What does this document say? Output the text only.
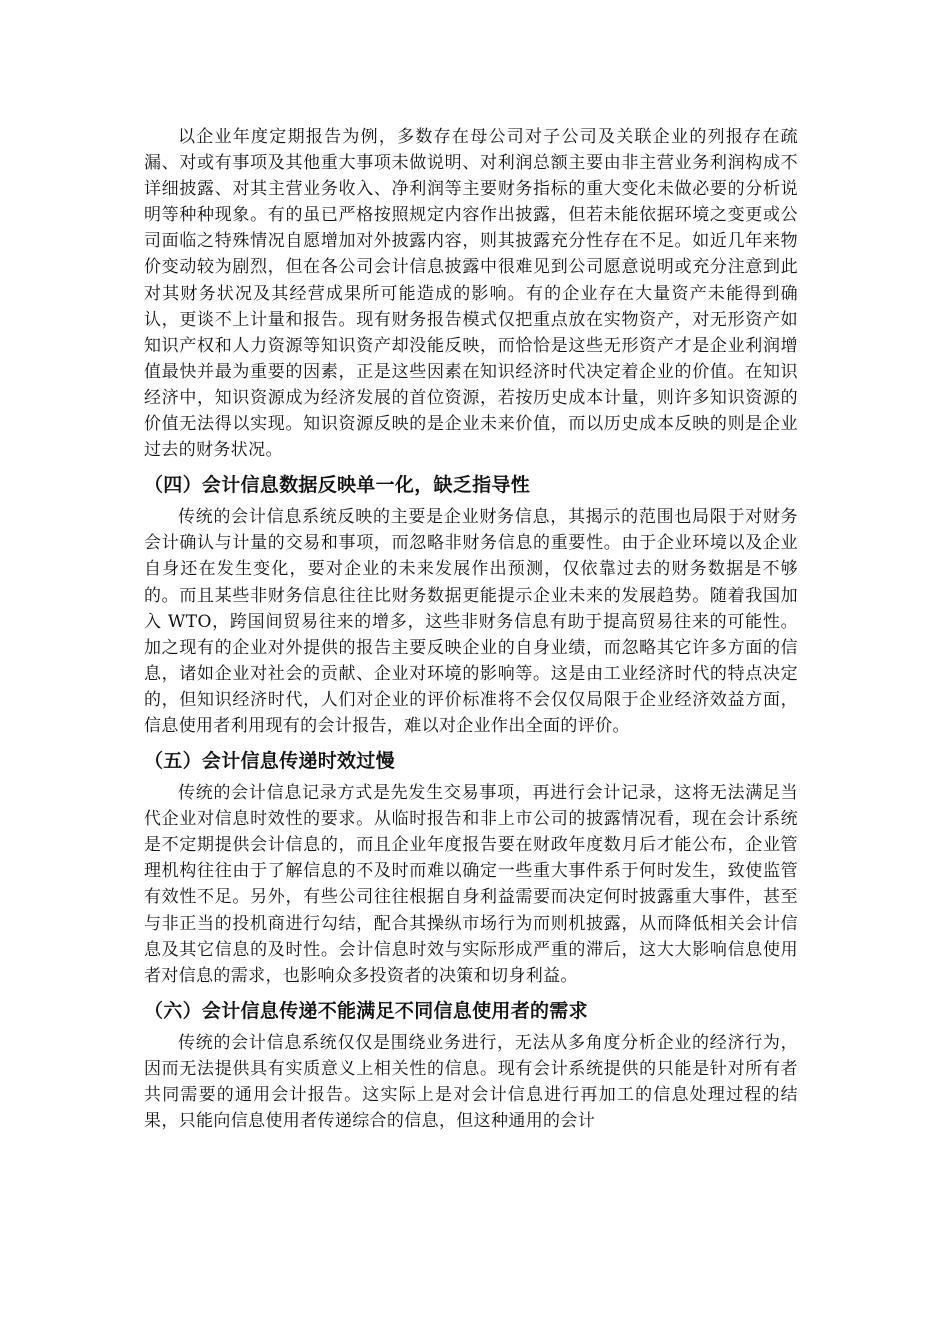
以企业年度定期报告为例，多数存在母公司对子公司及关联企业的列报存在疏漏、对或有事项及其他重大事项未做说明、对利润总额主要由非主营业务利润构成不详细披露、对其主营业务收入、净利润等主要财务指标的重大变化未做必要的分析说明等种种现象。有的虽已严格按照规定内容作出披露，但若未能依据环境之变更或公司面临之特殊情况自愿增加对外披露内容，则其披露充分性存在不足。如近几年来物价变动较为剧烈，但在各公司会计信息披露中很难见到公司愿意说明或充分注意到此对其财务状况及其经营成果所可能造成的影响。有的企业存在大量资产未能得到确认，更谈不上计量和报告。现有财务报告模式仅把重点放在实物资产，对无形资产如知识产权和人力资源等知识资产却没能反映，而恰恰是这些无形资产才是企业利润增值最快并最为重要的因素，正是这些因素在知识经济时代决定着企业的价值。在知识经济中，知识资源成为经济发展的首位资源，若按历史成本计量，则许多知识资源的价值无法得以实现。知识资源反映的是企业未来价值，而以历史成本反映的则是企业过去的财务状况。

（四）会计信息数据反映单一化，缺乏指导性

传统的会计信息系统反映的主要是企业财务信息，其揭示的范围也局限于对财务会计确认与计量的交易和事项，而忽略非财务信息的重要性。由于企业环境以及企业自身还在发生变化，要对企业的未来发展作出预测，仅依靠过去的财务数据是不够的。而且某些非财务信息往往比财务数据更能提示企业未来的发展趋势。随着我国加入 WTO，跨国间贸易往来的增多，这些非财务信息有助于提高贸易往来的可能性。加之现有的企业对外提供的报告主要反映企业的自身业绩，而忽略其它许多方面的信息，诸如企业对社会的贡献、企业对环境的影响等。这是由工业经济时代的特点决定的，但知识经济时代，人们对企业的评价标准将不会仅仅局限于企业经济效益方面，信息使用者利用现有的会计报告，难以对企业作出全面的评价。

（五）会计信息传递时效过慢

传统的会计信息记录方式是先发生交易事项，再进行会计记录，这将无法满足当代企业对信息时效性的要求。从临时报告和非上市公司的披露情况看，现在会计系统是不定期提供会计信息的，而且企业年度报告要在财政年度数月后才能公布，企业管理机构往往由于了解信息的不及时而难以确定一些重大事件系于何时发生，致使监管有效性不足。另外，有些公司往往根据自身利益需要而决定何时披露重大事件，甚至与非正当的投机商进行勾结，配合其操纵市场行为而则机披露，从而降低相关会计信息及其它信息的及时性。会计信息时效与实际形成严重的滞后，这大大影响信息使用者对信息的需求，也影响众多投资者的决策和切身利益。

（六）会计信息传递不能满足不同信息使用者的需求

传统的会计信息系统仅仅是围绕业务进行，无法从多角度分析企业的经济行为，因而无法提供具有实质意义上相关性的信息。现有会计系统提供的只能是针对所有者共同需要的通用会计报告。这实际上是对会计信息进行再加工的信息处理过程的结果，只能向信息使用者传递综合的信息，但这种通用的会计
